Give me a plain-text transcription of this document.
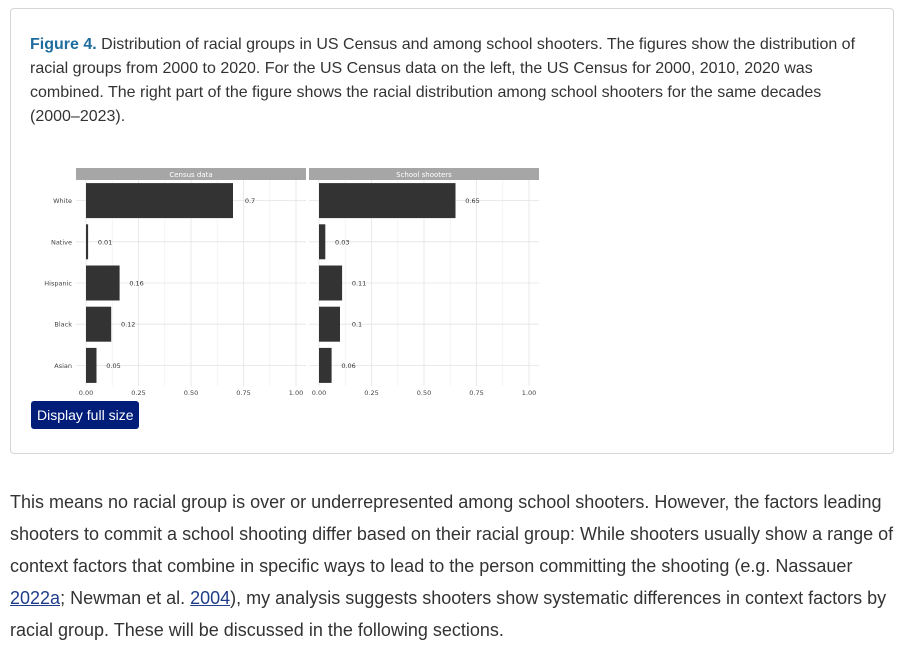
Figure 4. Distribution of racial groups in US Census and among school shooters. The figures show the distribution of racial groups from 2000 to 2020. For the US Census data on the left, the US Census for 2000, 2010, 2020 was combined. The right part of the figure shows the racial distribution among school shooters for the same decades (2000–2023).
Census data
0.7
0.01
0.16
0.12
0.05
0.00	0.25	0.50	0.75	1.00
School shooters
0.65
0.03
0.11
0.1
0.06
0.00	0.25	0.50	0.75	1.00
White
Native
Hispanic
Black
Asian
Display full size
This means no racial group is over or underrepresented among school shooters. However, the factors leading shooters to commit a school shooting differ based on their racial group: While shooters usually show a range of context factors that combine in specific ways to lead to the person committing the shooting (e.g. Nassauer 2022a; Newman et al. 2004), my analysis suggests shooters show systematic differences in context factors by racial group. These will be discussed in the following sections.
